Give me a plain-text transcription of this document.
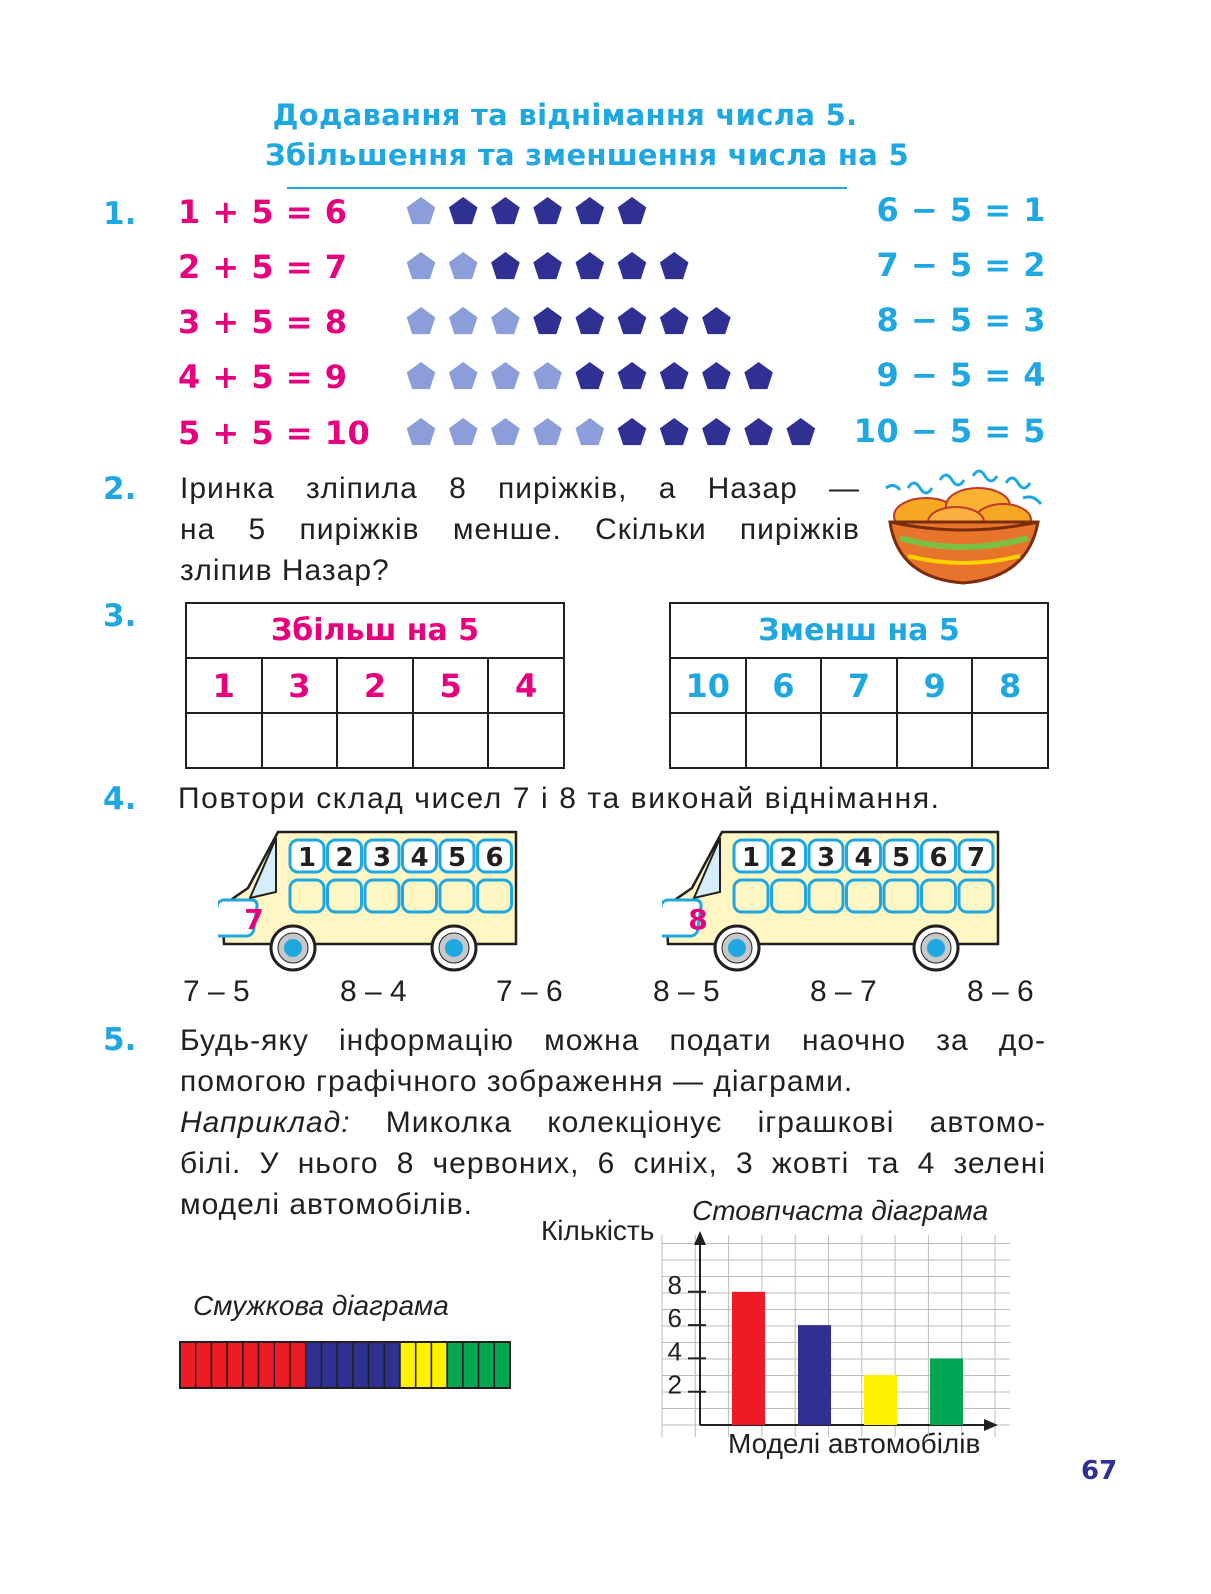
Додавання та віднімання числа 5.
Збільшення та зменшення числа на 5
1. 1 + 5 = 6	6 − 5 = 1
2 + 5 = 7	7 − 5 = 2
3 + 5 = 8	8 − 5 = 3
4 + 5 = 9	9 − 5 = 4
5 + 5 = 10	10 − 5 = 5
2. Іринка зліпила 8 пиріжків, а Назар —
на 5 пиріжків менше. Скільки пиріжків
зліпив Назар?
3.	Збільш на 5				
1	3	2	5	4

Зменш на 5				
10	6	7	9	8

4. Повтори склад чисел 7 і 8 та виконай віднімання.
7
1 2 3 4 5 6
8
1 2 3 4 5 6 7
7 – 5	8 – 4	7 – 6	8 – 5	8 – 7	8 – 6
5. Будь-яку інформацію можна подати наочно за до-
помогою графічного зображення — діаграми.
Наприклад: Миколка колекціонує іграшкові автомо-
білі. У нього 8 червоних, 6 синіх, 3 жовті та 4 зелені
моделі автомобілів.
Смужкова діаграма
Стовпчаста діаграма
Кількість
Моделі автомобілів
2
4
6
8
67
